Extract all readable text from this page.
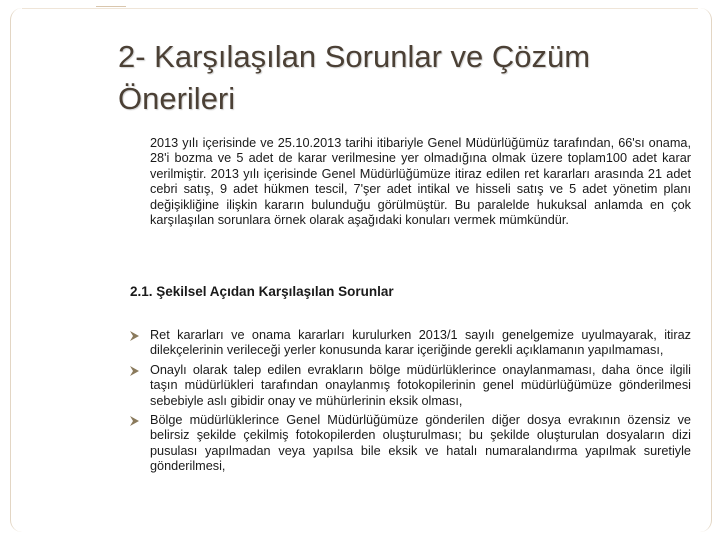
2- Karşılaşılan Sorunlar ve Çözüm Önerileri

2013 yılı içerisinde ve 25.10.2013 tarihi itibariyle Genel Müdürlüğümüz tarafından, 66'sı onama, 28'i bozma ve 5 adet de karar verilmesine yer olmadığına olmak üzere toplam100 adet karar verilmiştir. 2013 yılı içerisinde Genel Müdürlüğümüze itiraz edilen ret kararları arasında 21 adet cebri satış, 9 adet hükmen tescil, 7'şer adet intikal ve hisseli satış ve 5 adet yönetim planı değişikliğine ilişkin kararın bulunduğu görülmüştür. Bu paralelde hukuksal anlamda en çok karşılaşılan sorunlara örnek olarak aşağıdaki konuları vermek mümkündür.

2.1. Şekilsel Açıdan Karşılaşılan Sorunlar

Ret kararları ve onama kararları kurulurken 2013/1 sayılı genelgemize uyulmayarak, itiraz dilekçelerinin verileceği yerler konusunda karar içeriğinde gerekli açıklamanın yapılmaması,
Onaylı olarak talep edilen evrakların bölge müdürlüklerince onaylanmaması, daha önce ilgili taşın müdürlükleri tarafından onaylanmış fotokopilerinin genel müdürlüğümüze gönderilmesi sebebiyle aslı gibidir onay ve mühürlerinin eksik olması,
Bölge müdürlüklerince Genel Müdürlüğümüze gönderilen diğer dosya evrakının özensiz ve belirsiz şekilde çekilmiş fotokopilerden oluşturulması; bu şekilde oluşturulan dosyaların dizi pusulası yapılmadan veya yapılsa bile eksik ve hatalı numaralandırma yapılmak suretiyle gönderilmesi,
